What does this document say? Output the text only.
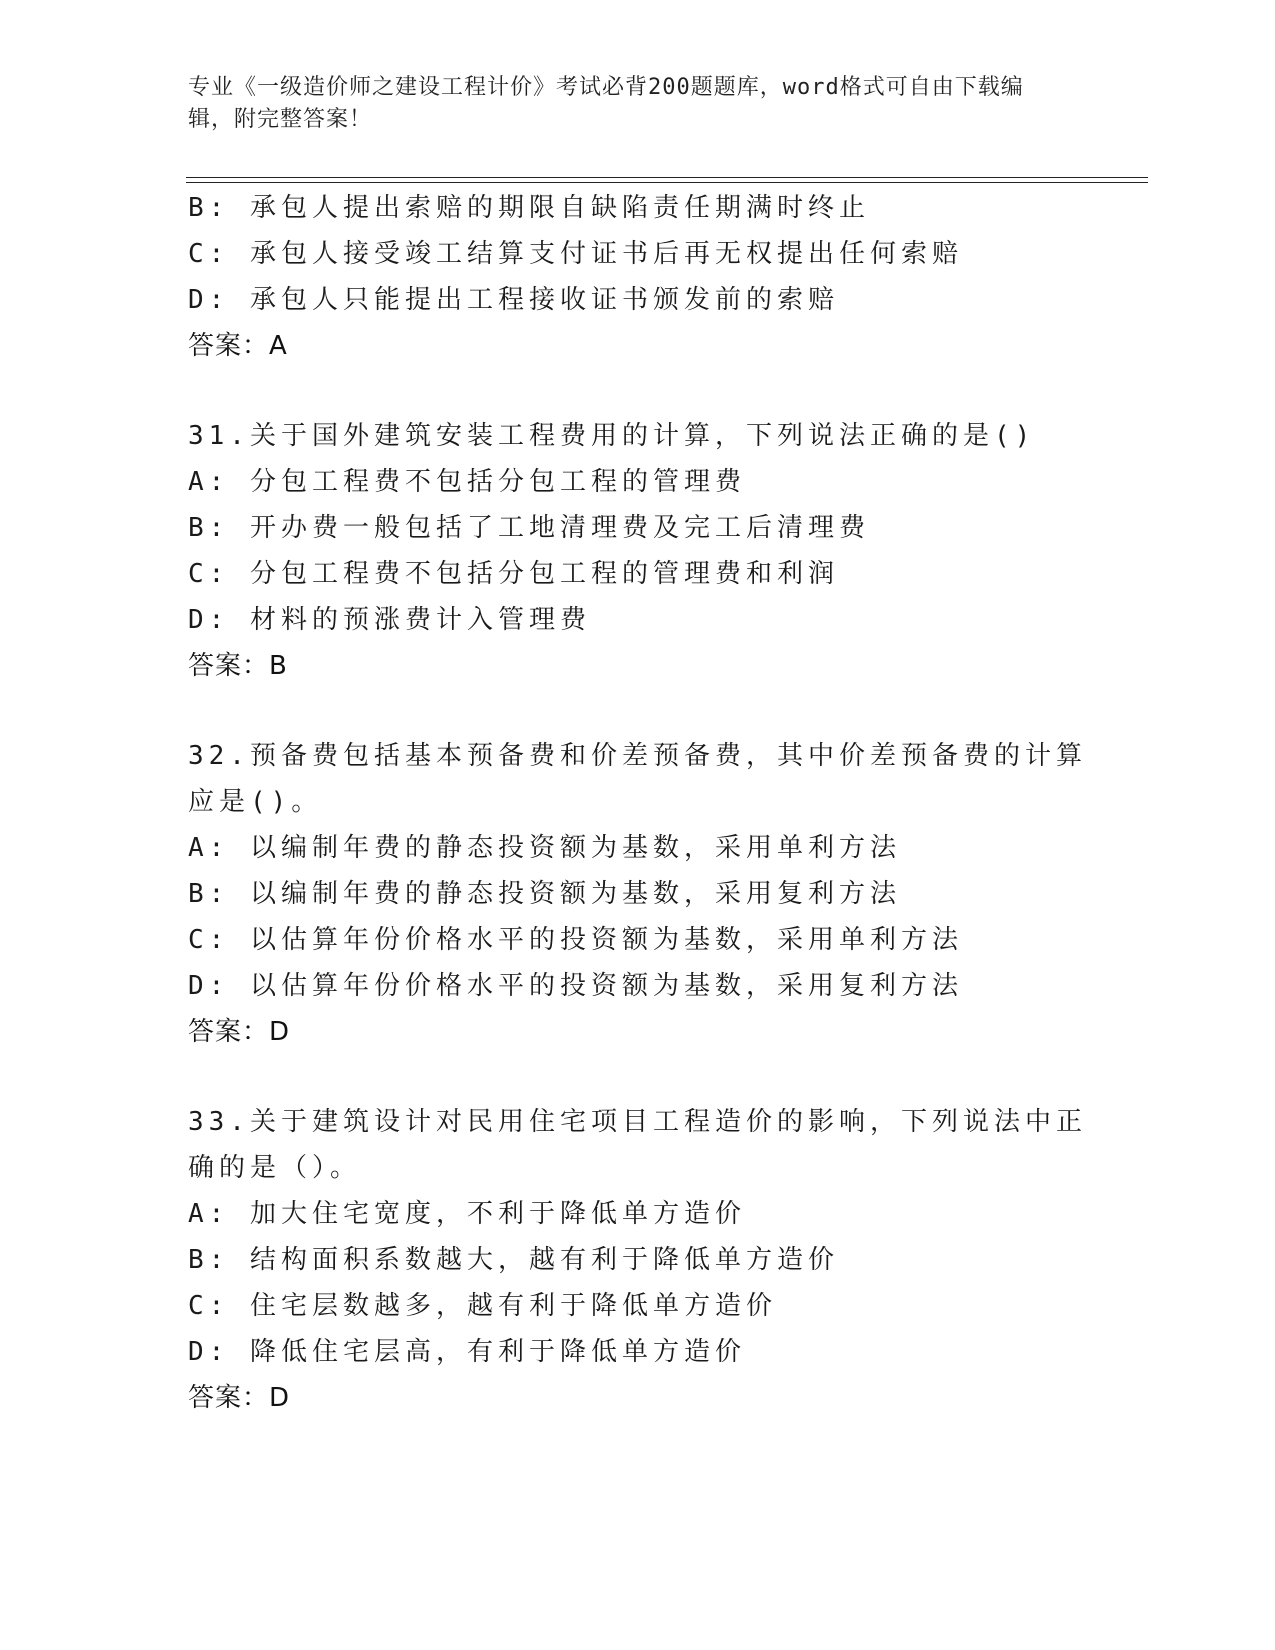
专业《一级造价师之建设工程计价》考试必背200题题库，word格式可自由下载编辑，附完整答案！
B: 承包人提出索赔的期限自缺陷责任期满时终止
C: 承包人接受竣工结算支付证书后再无权提出任何索赔
D: 承包人只能提出工程接收证书颁发前的索赔
答案：A
31.关于国外建筑安装工程费用的计算，下列说法正确的是()
A: 分包工程费不包括分包工程的管理费
B: 开办费一般包括了工地清理费及完工后清理费
C: 分包工程费不包括分包工程的管理费和利润
D: 材料的预涨费计入管理费
答案：B
32.预备费包括基本预备费和价差预备费，其中价差预备费的计算应是()。
A: 以编制年费的静态投资额为基数，采用单利方法
B: 以编制年费的静态投资额为基数，采用复利方法
C: 以估算年份价格水平的投资额为基数，采用单利方法
D: 以估算年份价格水平的投资额为基数，采用复利方法
答案：D
33.关于建筑设计对民用住宅项目工程造价的影响，下列说法中正确的是（）。
A: 加大住宅宽度，不利于降低单方造价
B: 结构面积系数越大，越有利于降低单方造价
C: 住宅层数越多，越有利于降低单方造价
D: 降低住宅层高，有利于降低单方造价
答案：D
